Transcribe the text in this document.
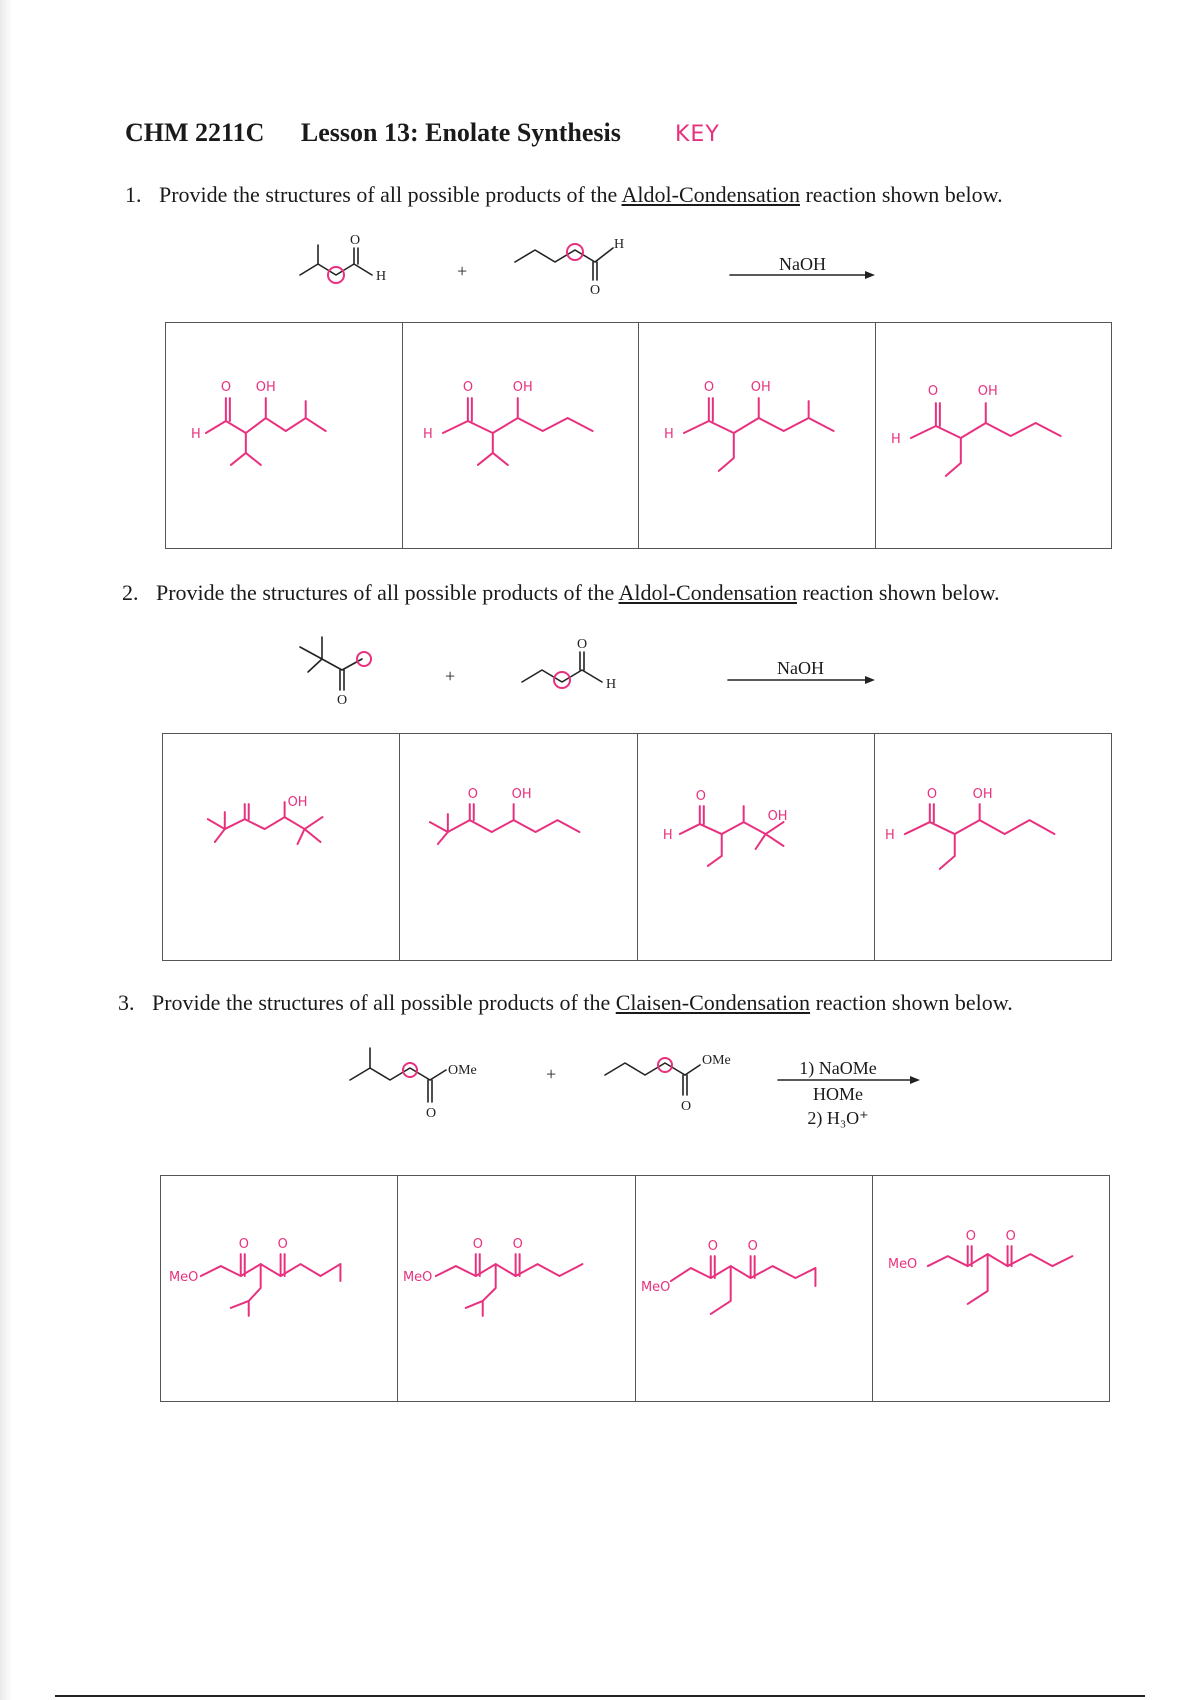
CHM 2211C Lesson 13: Enolate Synthesis KEY
1. Provide the structures of all possible products of the Aldol-Condensation reaction shown below.
O
H	+
H
O
NaOH
H
O OH
H
O	OH
H
O	OH
H
O	OH
2. Provide the structures of all possible products of the Aldol-Condensation reaction shown below.
O
+
O
H
NaOH
OH
O	OH
H
O
OH
H
O	OH
3. Provide the structures of all possible products of the Claisen-Condensation reaction shown below.
OMe
O
+
OMe
O
1) NaOMe
HOMe
2) H₃O⁺
MeO
O O
MeO
O O
MeO
O O
MeO
O O
